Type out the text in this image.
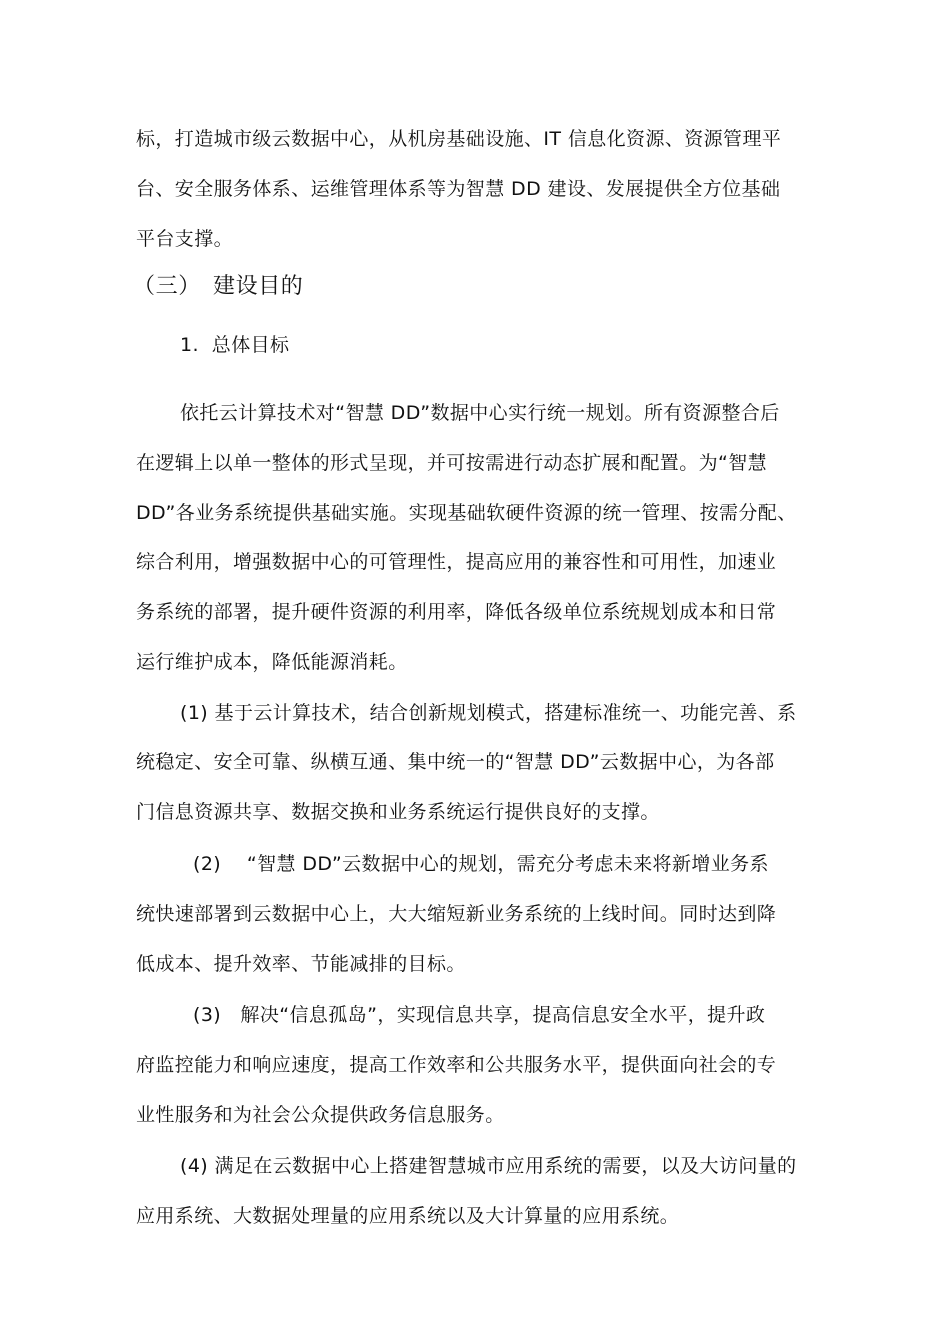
标，打造城市级云数据中心，从机房基础设施、IT 信息化资源、资源管理平
台、安全服务体系、运维管理体系等为智慧 DD 建设、发展提供全方位基础
平台支撑。
（三） 建设目的
1.  总体目标
依托云计算技术对“智慧 DD”数据中心实行统一规划。所有资源整合后
在逻辑上以单一整体的形式呈现，并可按需进行动态扩展和配置。为“智慧
DD”各业务系统提供基础实施。实现基础软硬件资源的统一管理、按需分配、
综合利用，增强数据中心的可管理性，提高应用的兼容性和可用性，加速业
务系统的部署，提升硬件资源的利用率，降低各级单位系统规划成本和日常
运行维护成本，降低能源消耗。
(1) 基于云计算技术，结合创新规划模式，搭建标准统一、功能完善、系
统稳定、安全可靠、纵横互通、集中统一的“智慧 DD”云数据中心，为各部
门信息资源共享、数据交换和业务系统运行提供良好的支撑。
(2)    “智慧 DD”云数据中心的规划，需充分考虑未来将新增业务系
统快速部署到云数据中心上，大大缩短新业务系统的上线时间。同时达到降
低成本、提升效率、节能减排的目标。
(3)   解决“信息孤岛”，实现信息共享，提高信息安全水平，提升政
府监控能力和响应速度，提高工作效率和公共服务水平，提供面向社会的专
业性服务和为社会公众提供政务信息服务。
(4) 满足在云数据中心上搭建智慧城市应用系统的需要，以及大访问量的
应用系统、大数据处理量的应用系统以及大计算量的应用系统。
